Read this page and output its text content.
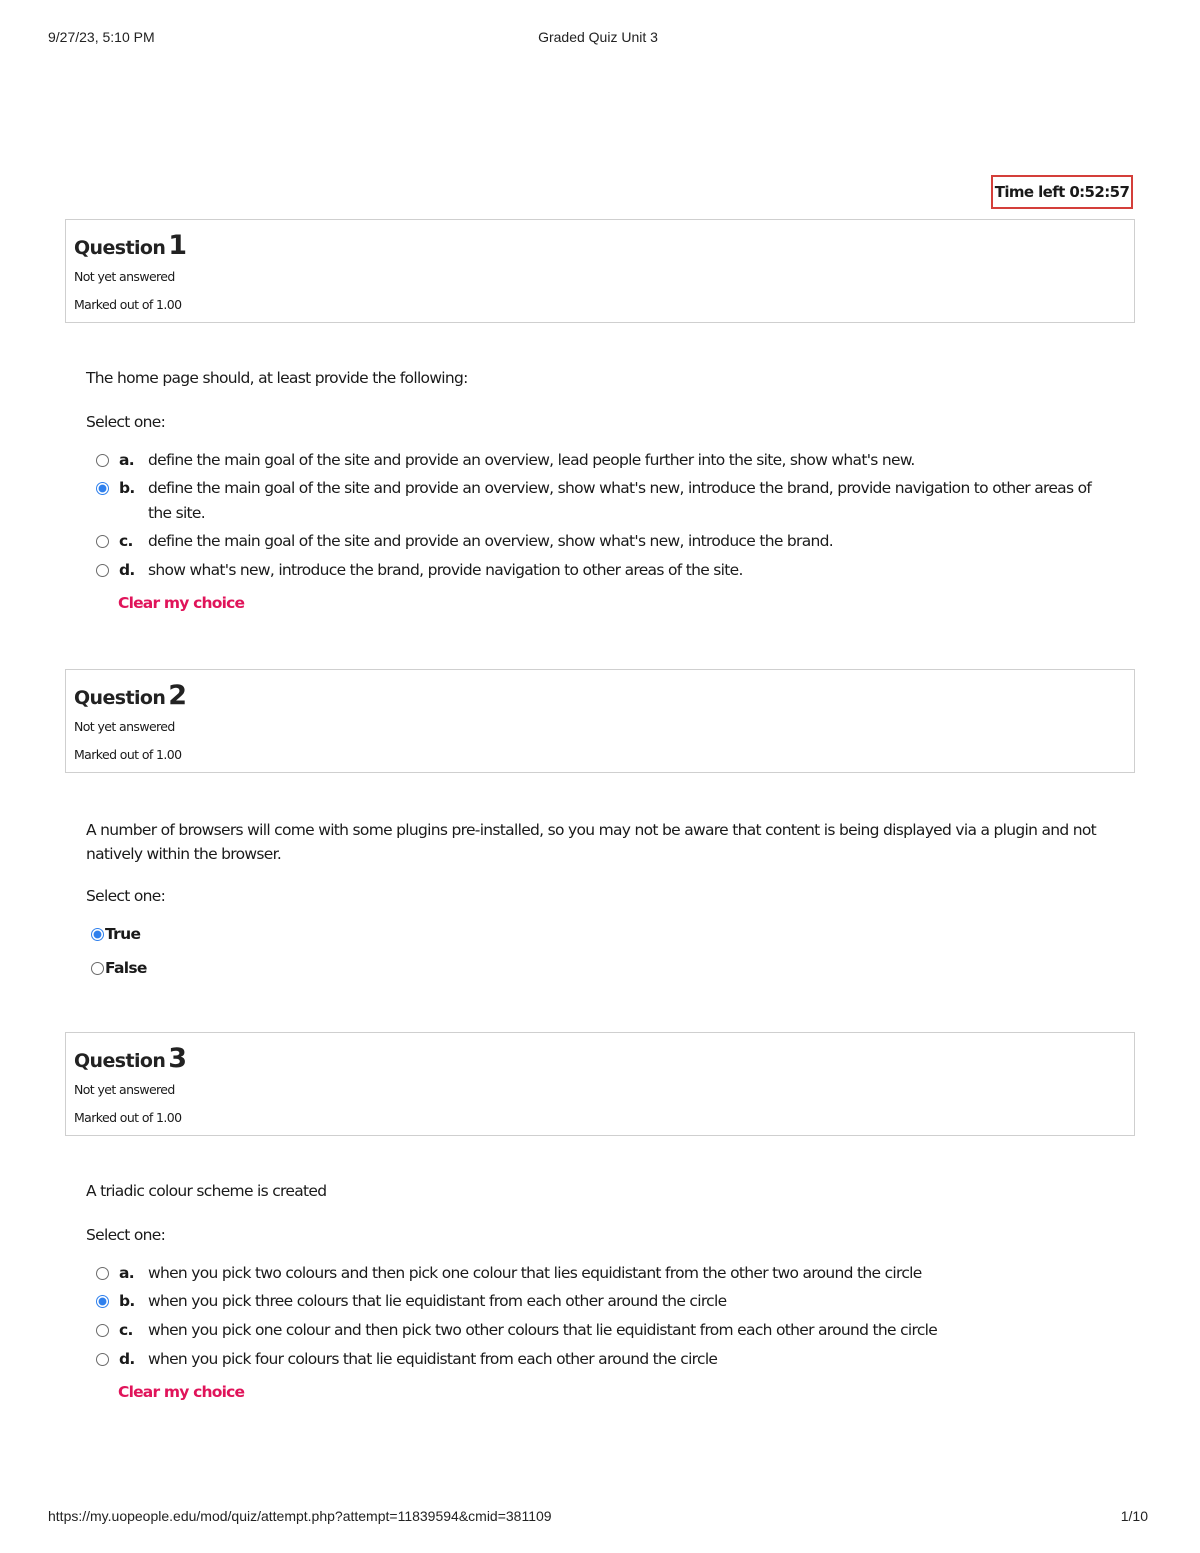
9/27/23, 5:10 PM	Graded Quiz Unit 3
Time left 0:52:57
Question 1
Not yet answered
Marked out of 1.00
The home page should, at least provide the following:
Select one:
a. define the main goal of the site and provide an overview, lead people further into the site, show what's new.
b. define the main goal of the site and provide an overview, show what's new, introduce the brand, provide navigation to other areas of the site.
c. define the main goal of the site and provide an overview, show what's new, introduce the brand.
d. show what's new, introduce the brand, provide navigation to other areas of the site.
Clear my choice
Question 2
Not yet answered
Marked out of 1.00
A number of browsers will come with some plugins pre-installed, so you may not be aware that content is being displayed via a plugin and not natively within the browser.
Select one:
True
False
Question 3
Not yet answered
Marked out of 1.00
A triadic colour scheme is created
Select one:
a. when you pick two colours and then pick one colour that lies equidistant from the other two around the circle
b. when you pick three colours that lie equidistant from each other around the circle
c. when you pick one colour and then pick two other colours that lie equidistant from each other around the circle
d. when you pick four colours that lie equidistant from each other around the circle
Clear my choice
https://my.uopeople.edu/mod/quiz/attempt.php?attempt=11839594&cmid=381109	1/10
